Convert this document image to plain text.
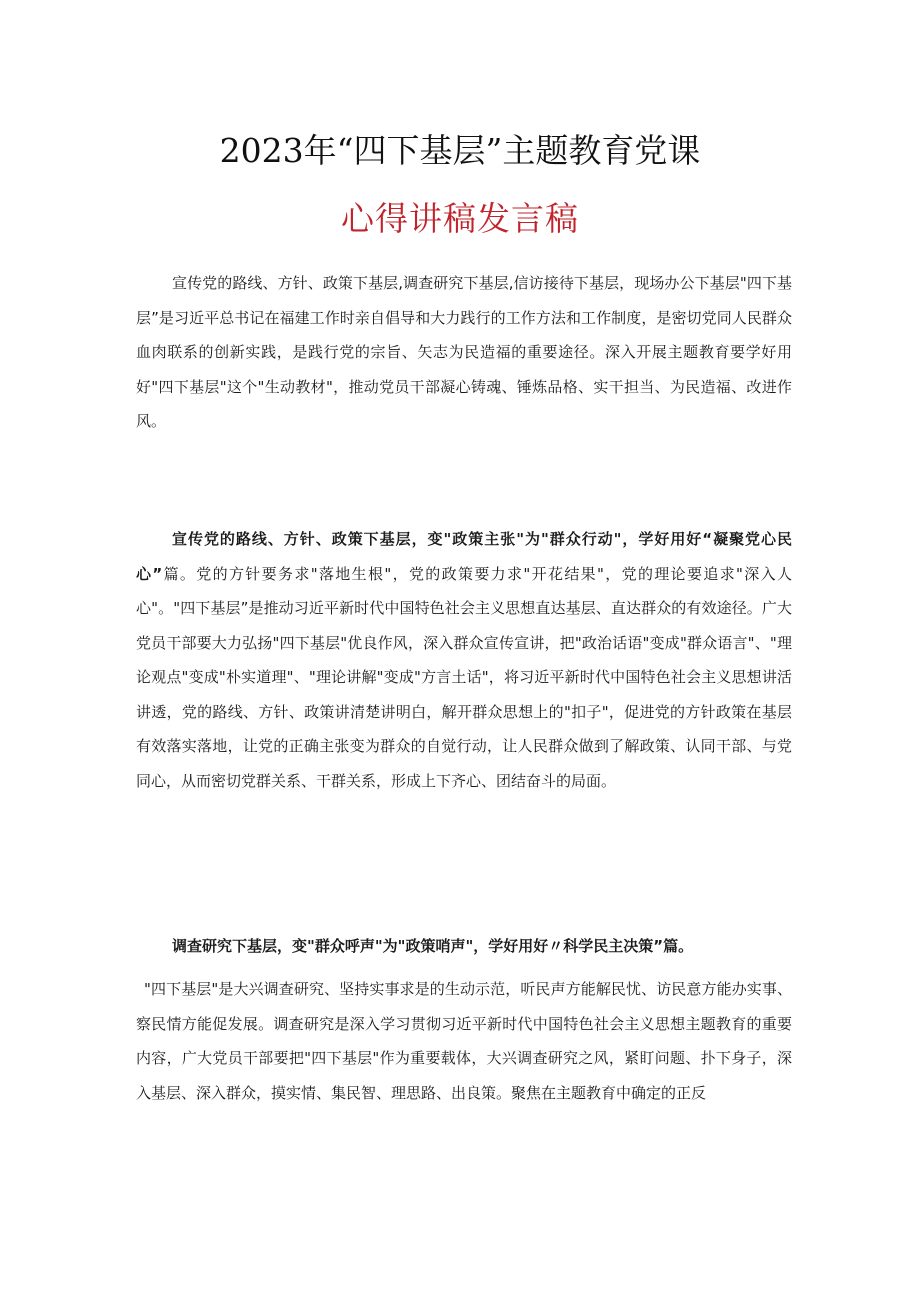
2023年“四下基层”主题教育党课
心得讲稿发言稿

宣传党的路线、方针、政策下基层,调查研究下基层,信访接待下基层，现场办公下基层"四下基层”是习近平总书记在福建工作时亲自倡导和大力践行的工作方法和工作制度，是密切党同人民群众血肉联系的创新实践，是践行党的宗旨、矢志为民造福的重要途径。深入开展主题教育要学好用好"四下基层"这个"生动教材"，推动党员干部凝心铸魂、锤炼品格、实干担当、为民造福、改进作风。

宣传党的路线、方针、政策下基层，变"政策主张"为"群众行动"，学好用好“凝聚党心民心”篇。党的方针要务求"落地生根"，党的政策要力求"开花结果"，党的理论要追求"深入人心"。"四下基层”是推动习近平新时代中国特色社会主义思想直达基层、直达群众的有效途径。广大党员干部要大力弘扬"四下基层"优良作风，深入群众宣传宣讲，把"政治话语"变成"群众语言"、"理论观点"变成"朴实道理"、"理论讲解"变成"方言土话"，将习近平新时代中国特色社会主义思想讲活讲透，党的路线、方针、政策讲清楚讲明白，解开群众思想上的"扣子"，促进党的方针政策在基层有效落实落地，让党的正确主张变为群众的自觉行动，让人民群众做到了解政策、认同干部、与党同心，从而密切党群关系、干群关系，形成上下齐心、团结奋斗的局面。

调查研究下基层，变"群众呼声"为"政策哨声"，学好用好〃科学民主决策”篇。

"四下基层"是大兴调查研究、坚持实事求是的生动示范，听民声方能解民忧、访民意方能办实事、察民情方能促发展。调查研究是深入学习贯彻习近平新时代中国特色社会主义思想主题教育的重要内容，广大党员干部要把"四下基层"作为重要载体，大兴调查研究之风，紧盯问题、扑下身子，深入基层、深入群众，摸实情、集民智、理思路、出良策。聚焦在主题教育中确定的正反
